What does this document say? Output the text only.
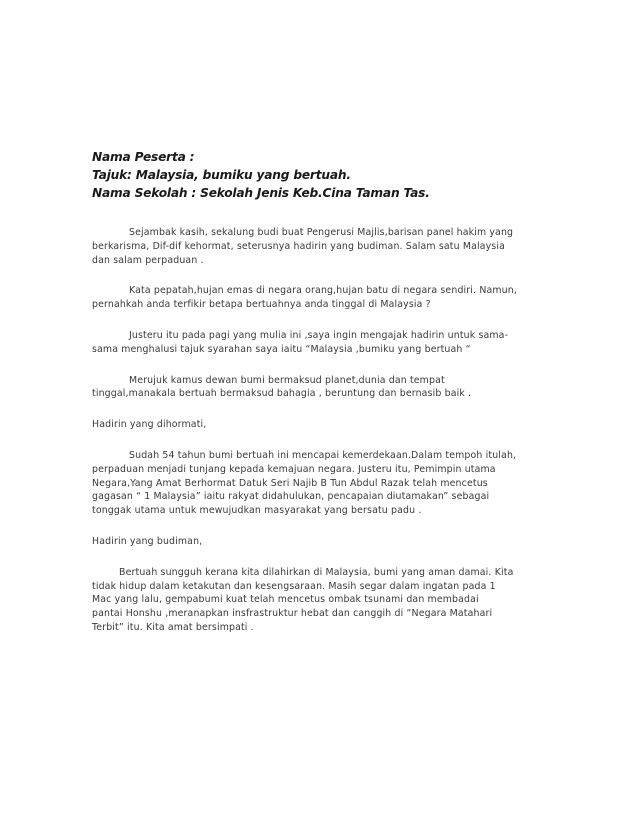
Nama Peserta :
Tajuk: Malaysia, bumiku yang bertuah.
Nama Sekolah : Sekolah Jenis Keb.Cina Taman Tas.
Sejambak kasih, sekalung budi buat Pengerusi Majlis,barisan panel hakim yang
berkarisma, Dif-dif kehormat, seterusnya hadirin yang budiman. Salam satu Malaysia
dan salam perpaduan .
Kata pepatah,hujan emas di negara orang,hujan batu di negara sendiri. Namun,
pernahkah anda terfikir betapa bertuahnya anda tinggal di Malaysia ?
Justeru itu pada pagi yang mulia ini ,saya ingin mengajak hadirin untuk sama-
sama menghalusi tajuk syarahan saya iaitu “Malaysia ,bumiku yang bertuah “
Merujuk kamus dewan bumi bermaksud planet,dunia dan tempat
tinggal,manakala bertuah bermaksud bahagia , beruntung dan bernasib baik .
Hadirin yang dihormati,
Sudah 54 tahun bumi bertuah ini mencapai kemerdekaan.Dalam tempoh itulah,
perpaduan menjadi tunjang kepada kemajuan negara. Justeru itu, Pemimpin utama
Negara,Yang Amat Berhormat Datuk Seri Najib B Tun Abdul Razak telah mencetus
gagasan “ 1 Malaysia” iaitu rakyat didahulukan, pencapaian diutamakan” sebagai
tonggak utama untuk mewujudkan masyarakat yang bersatu padu .
Hadirin yang budiman,
Bertuah sungguh kerana kita dilahirkan di Malaysia, bumi yang aman damai. Kita
tidak hidup dalam ketakutan dan kesengsaraan. Masih segar dalam ingatan pada 1
Mac yang lalu, gempabumi kuat telah mencetus ombak tsunami dan membadai
pantai Honshu ,meranapkan insfrastruktur hebat dan canggih di “Negara Matahari
Terbit” itu. Kita amat bersimpati .
